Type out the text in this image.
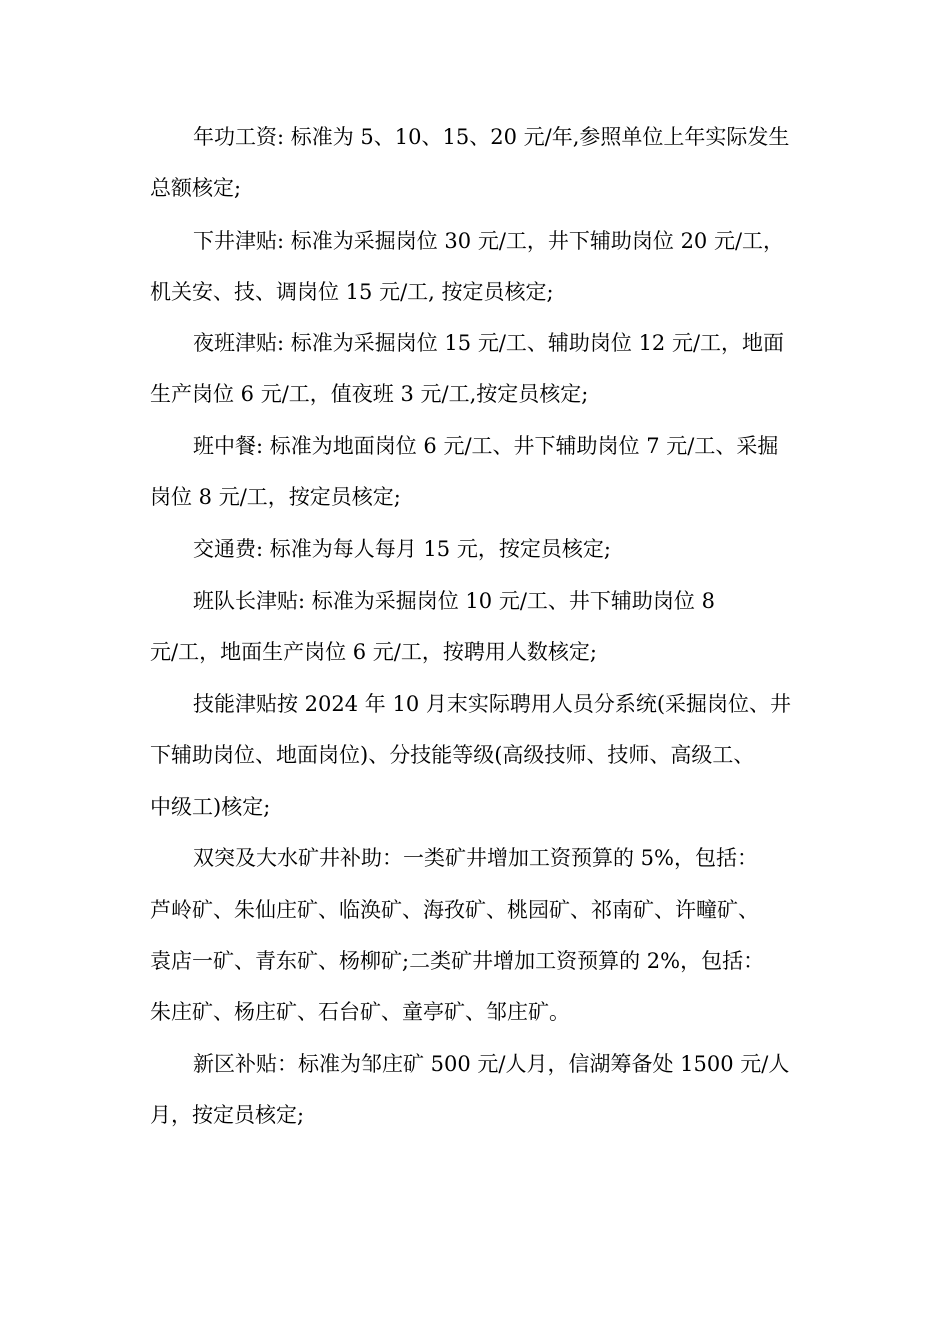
年功工资: 标准为 5、10、15、20 元/年,参照单位上年实际发生
总额核定;
下井津贴: 标准为采掘岗位 30 元/工，井下辅助岗位 20 元/工，
机关安、技、调岗位 15 元/工, 按定员核定;
夜班津贴: 标准为采掘岗位 15 元/工、辅助岗位 12 元/工，地面
生产岗位 6 元/工，值夜班 3 元/工,按定员核定;
班中餐: 标准为地面岗位 6 元/工、井下辅助岗位 7 元/工、采掘
岗位 8 元/工，按定员核定;
交通费: 标准为每人每月 15 元，按定员核定;
班队长津贴: 标准为采掘岗位 10 元/工、井下辅助岗位 8
元/工，地面生产岗位 6 元/工，按聘用人数核定;
技能津贴按 2024 年 10 月末实际聘用人员分系统(采掘岗位、井
下辅助岗位、地面岗位)、分技能等级(高级技师、技师、高级工、
中级工)核定;
双突及大水矿井补助：一类矿井增加工资预算的 5%，包括：
芦岭矿、朱仙庄矿、临涣矿、海孜矿、桃园矿、祁南矿、许疃矿、
袁店一矿、青东矿、杨柳矿;二类矿井增加工资预算的 2%，包括：
朱庄矿、杨庄矿、石台矿、童亭矿、邹庄矿。
新区补贴：标准为邹庄矿 500 元/人月，信湖筹备处 1500 元/人
月，按定员核定;
